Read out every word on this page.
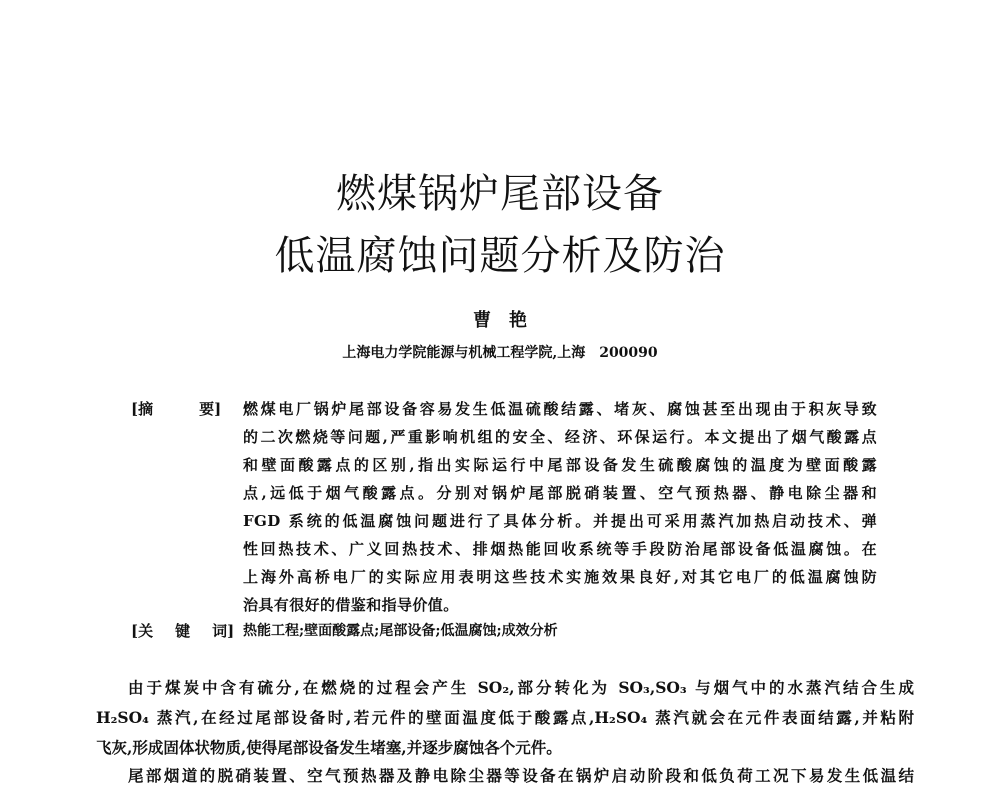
燃煤锅炉尾部设备
低温腐蚀问题分析及防治
曹艳
上海电力学院能源与机械工程学院,上海　200090
[摘	要]	燃煤电厂锅炉尾部设备容易发生低温硫酸结露、堵灰、腐蚀甚至出现由于积灰导致
的二次燃烧等问题,严重影响机组的安全、经济、环保运行。本文提出了烟气酸露点
和壁面酸露点的区别,指出实际运行中尾部设备发生硫酸腐蚀的温度为壁面酸露
点,远低于烟气酸露点。分别对锅炉尾部脱硝装置、空气预热器、静电除尘器和
FGD 系统的低温腐蚀问题进行了具体分析。并提出可采用蒸汽加热启动技术、弹
性回热技术、广义回热技术、排烟热能回收系统等手段防治尾部设备低温腐蚀。在
上海外高桥电厂的实际应用表明这些技术实施效果良好,对其它电厂的低温腐蚀防
治具有很好的借鉴和指导价值。
[关 键 词] 热能工程;壁面酸露点;尾部设备;低温腐蚀;成效分析
由于煤炭中含有硫分,在燃烧的过程会产生 SO₂,部分转化为 SO₃,SO₃ 与烟气中的水蒸汽结合生成
H₂SO₄ 蒸汽,在经过尾部设备时,若元件的壁面温度低于酸露点,H₂SO₄ 蒸汽就会在元件表面结露,并粘附
飞灰,形成固体状物质,使得尾部设备发生堵塞,并逐步腐蚀各个元件。
尾部烟道的脱硝装置、空气预热器及静电除尘器等设备在锅炉启动阶段和低负荷工况下易发生低温结
